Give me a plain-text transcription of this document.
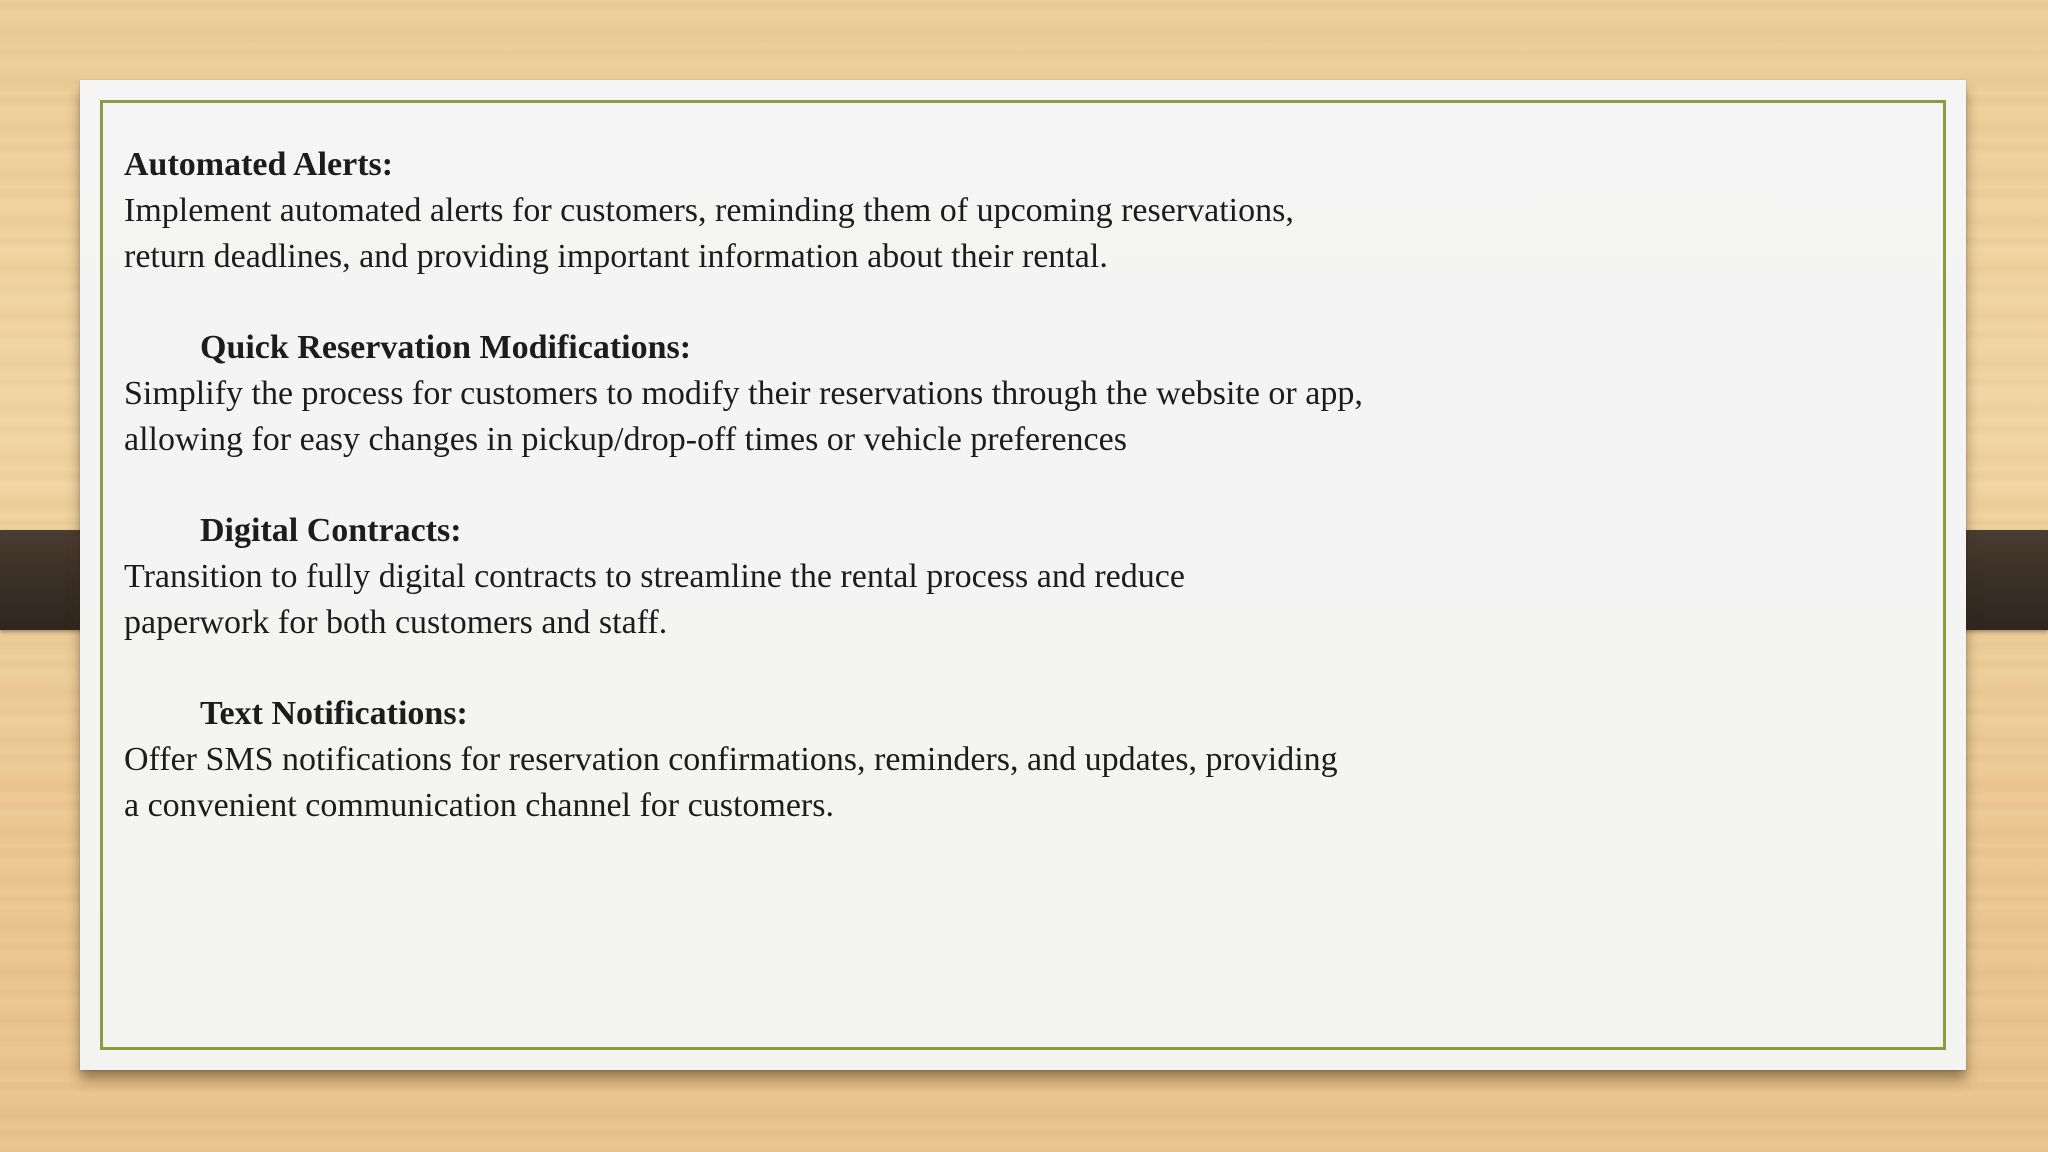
Automated Alerts:

Implement automated alerts for customers, reminding them of upcoming reservations, return deadlines, and providing important information about their rental.

Quick Reservation Modifications:

Simplify the process for customers to modify their reservations through the website or app, allowing for easy changes in pickup/drop-off times or vehicle preferences

Digital Contracts:

Transition to fully digital contracts to streamline the rental process and reduce paperwork for both customers and staff.

Text Notifications:

Offer SMS notifications for reservation confirmations, reminders, and updates, providing a convenient communication channel for customers.
